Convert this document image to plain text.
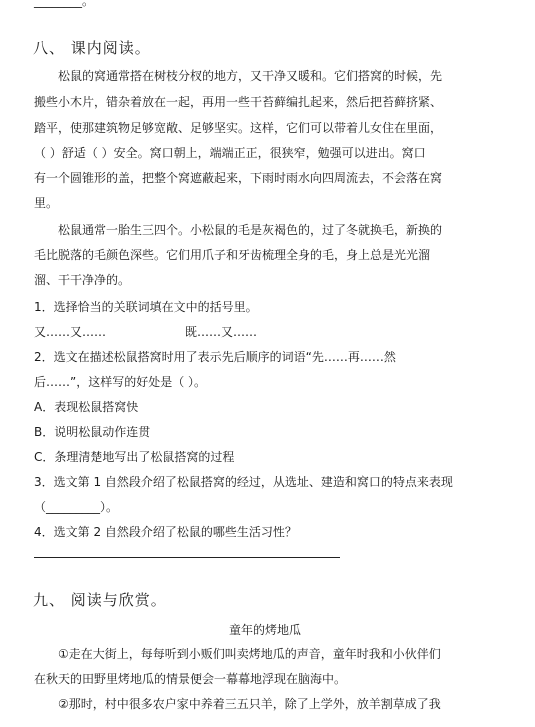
________。
八、 课内阅读。
松鼠的窝通常搭在树枝分杈的地方，又干净又暖和。它们搭窝的时候，先
搬些小木片，错杂着放在一起，再用一些干苔藓编扎起来，然后把苔藓挤紧、
踏平，使那建筑物足够宽敞、足够坚实。这样，它们可以带着儿女住在里面，
（ ）舒适（ ）安全。窝口朝上，端端正正，很狭窄，勉强可以进出。窝口
有一个圆锥形的盖，把整个窝遮蔽起来，下雨时雨水向四周流去，不会落在窝
里。
松鼠通常一胎生三四个。小松鼠的毛是灰褐色的，过了冬就换毛，新换的
毛比脱落的毛颜色深些。它们用爪子和牙齿梳理全身的毛，身上总是光光溜
溜、干干净净的。
1．选择恰当的关联词填在文中的括号里。
又……又……	既……又……
2．选文在描述松鼠搭窝时用了表示先后顺序的词语“先……再……然
后……”，这样写的好处是（ ）。
A．表现松鼠搭窝快
B．说明松鼠动作连贯
C．条理清楚地写出了松鼠搭窝的过程
3．选文第 1 自然段介绍了松鼠搭窝的经过，从选址、建造和窝口的特点来表现
（_________）。
4．选文第 2 自然段介绍了松鼠的哪些生活习性？
九、 阅读与欣赏。
童年的烤地瓜
①走在大街上，每每听到小贩们叫卖烤地瓜的声音，童年时我和小伙伴们
在秋天的田野里烤地瓜的情景便会一幕幕地浮现在脑海中。
②那时，村中很多农户家中养着三五只羊，除了上学外，放羊割草成了我
